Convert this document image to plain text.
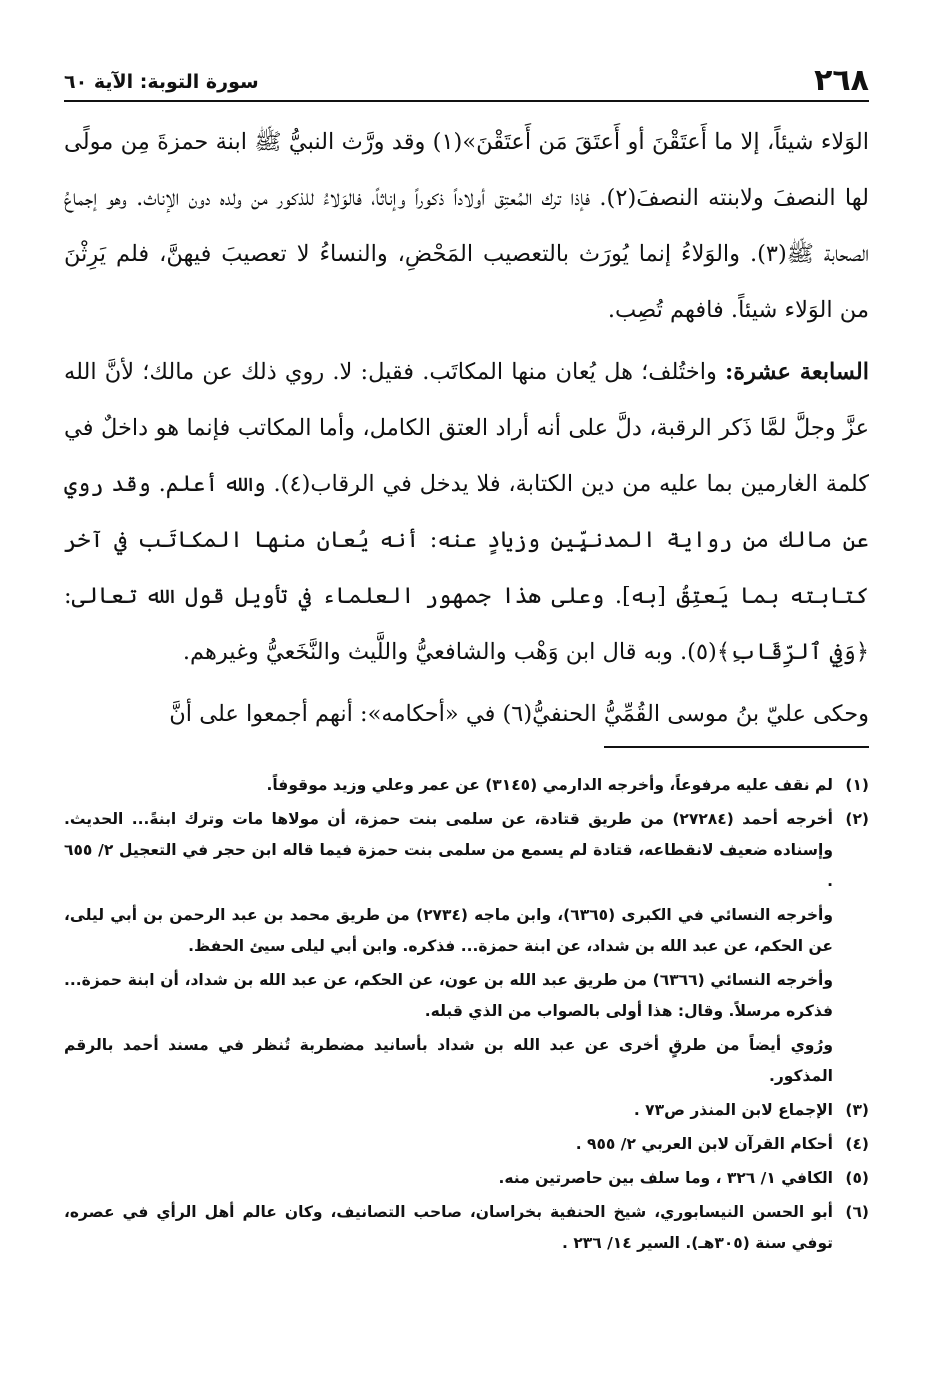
٢٦٨
سورة التوبة: الآية ٦٠

الوَلاء شيئاً، إلا ما أَعتَقْنَ أو أَعتَقَ مَن أَعتَقْنَ»(١) وقد ورَّث النبيُّ ﷺ ابنة حمزةَ مِن مولًى لها النصفَ ولابنته النصفَ(٢). فإذا ترك المُعتِق أولاداً ذكوراً وإناثاً، فالوَلاءُ للذكور من ولده دون الإناث. وهو إجماعُ الصحابة ﷺ(٣). والوَلاءُ إنما يُورَث بالتعصيب المَحْضِ، والنساءُ لا تعصيبَ فيهنَّ، فلم يَرِثْنَ من الوَلاء شيئاً. فافهم تُصِب.

السابعة عشرة: واختُلف؛ هل يُعان منها المكاتَب. فقيل: لا. روي ذلك عن مالك؛ لأنَّ الله عزَّ وجلَّ لمَّا ذَكر الرقبة، دلَّ على أنه أراد العتق الكامل، وأما المكاتب فإنما هو داخلٌ في كلمة الغارمين بما عليه من دين الكتابة، فلا يدخل في الرقاب(٤). والله أعلم. وقد روي عن مالك من رواية المدنيِّين وزيادٍ عنه: أنه يُعان منها المكاتَب في آخر كتابته بما يَعتِقُ [به]. وعلى هذا جمهور العلماء في تأويل قول الله تعالى: ﴿وَفِي ٱلرِّقَابِ﴾(٥). وبه قال ابن وَهْب والشافعيُّ واللَّيث والنَّخَعيُّ وغيرهم.

وحكى عليّ بنُ موسى القُمِّيُّ الحنفيُّ(٦) في «أحكامه»: أنهم أجمعوا على أنَّ

(١)
لم نقف عليه مرفوعاً، وأخرجه الدارمي (٣١٤٥) عن عمر وعلي وزيد موقوفاً.
(٢)
أخرجه أحمد (٢٧٢٨٤) من طريق قتادة، عن سلمى بنت حمزة، أن مولاها مات وترك ابنةً... الحديث. وإسناده ضعيف لانقطاعه، قتادة لم يسمع من سلمى بنت حمزة فيما قاله ابن حجر في التعجيل ٢/ ٦٥٥ .
وأخرجه النسائي في الكبرى (٦٣٦٥)، وابن ماجه (٢٧٣٤) من طريق محمد بن عبد الرحمن بن أبي ليلى، عن الحكم، عن عبد الله بن شداد، عن ابنة حمزة... فذكره. وابن أبي ليلى سيئ الحفظ.
وأخرجه النسائي (٦٣٦٦) من طريق عبد الله بن عون، عن الحكم، عن عبد الله بن شداد، أن ابنة حمزة... فذكره مرسلاً. وقال: هذا أولى بالصواب من الذي قبله.
ورُوي أيضاً من طرقٍ أخرى عن عبد الله بن شداد بأسانيد مضطربة تُنظر في مسند أحمد بالرقم المذكور.
(٣)
الإجماع لابن المنذر ص٧٣ .
(٤)
أحكام القرآن لابن العربي ٢/ ٩٥٥ .
(٥)
الكافي ١/ ٣٢٦ ، وما سلف بين حاصرتين منه.
(٦)
أبو الحسن النيسابوري، شيخ الحنفية بخراسان، صاحب التصانيف، وكان عالم أهل الرأي في عصره، توفي سنة (٣٠٥هـ). السير ١٤/ ٢٣٦ .
